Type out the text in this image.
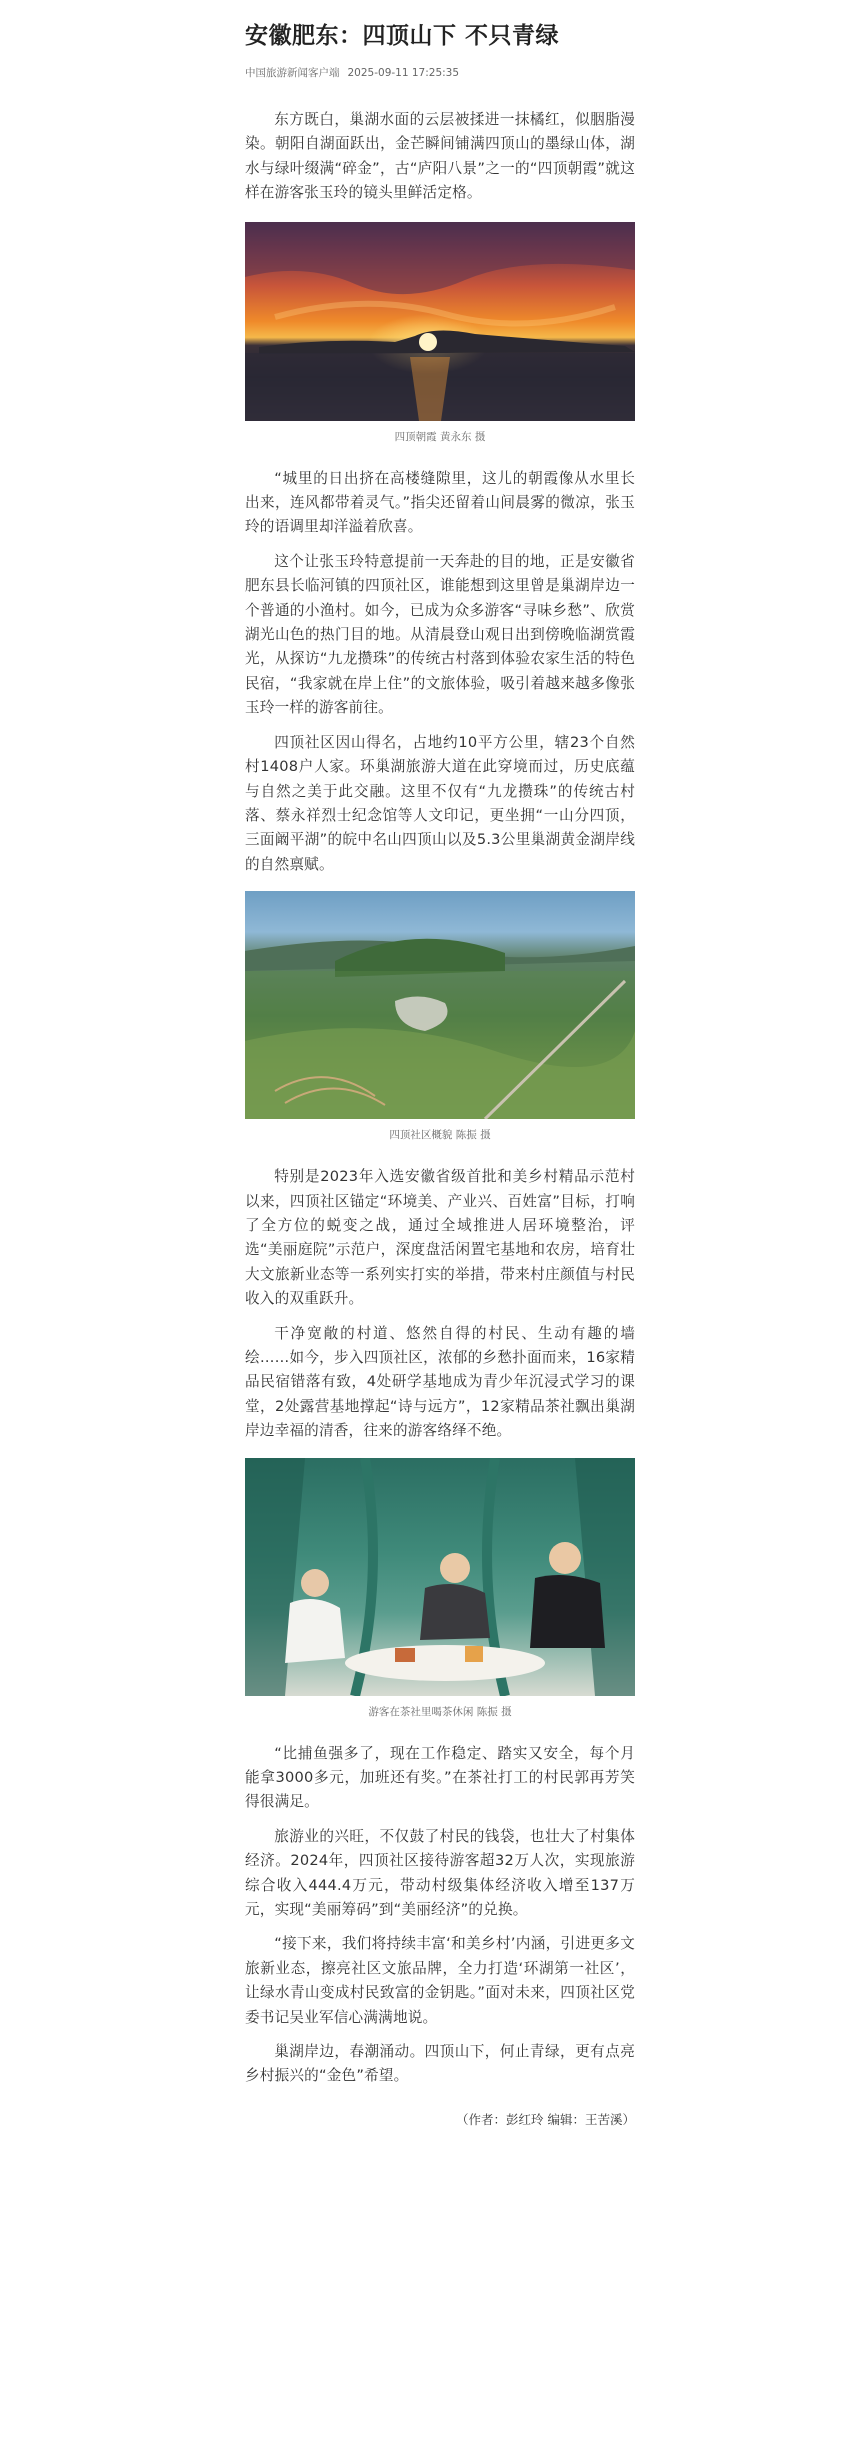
安徽肥东：四顶山下 不只青绿
中国旅游新闻客户端 2025-09-11 17:25:35

东方既白，巢湖水面的云层被揉进一抹橘红，似胭脂漫染。朝阳自湖面跃出，金芒瞬间铺满四顶山的墨绿山体，湖水与绿叶缀满“碎金”，古“庐阳八景”之一的“四顶朝霞”就这样在游客张玉玲的镜头里鲜活定格。

四顶朝霞 黄永东 摄

“城里的日出挤在高楼缝隙里，这儿的朝霞像从水里长出来，连风都带着灵气。”指尖还留着山间晨雾的微凉，张玉玲的语调里却洋溢着欣喜。

这个让张玉玲特意提前一天奔赴的目的地，正是安徽省肥东县长临河镇的四顶社区，谁能想到这里曾是巢湖岸边一个普通的小渔村。如今，已成为众多游客“寻味乡愁”、欣赏湖光山色的热门目的地。从清晨登山观日出到傍晚临湖赏霞光，从探访“九龙攒珠”的传统古村落到体验农家生活的特色民宿，“我家就在岸上住”的文旅体验，吸引着越来越多像张玉玲一样的游客前往。

四顶社区因山得名，占地约10平方公里，辖23个自然村1408户人家。环巢湖旅游大道在此穿境而过，历史底蕴与自然之美于此交融。这里不仅有“九龙攒珠”的传统古村落、蔡永祥烈士纪念馆等人文印记，更坐拥“一山分四顶，三面阚平湖”的皖中名山四顶山以及5.3公里巢湖黄金湖岸线的自然禀赋。

四顶社区概貌 陈振 摄

特别是2023年入选安徽省级首批和美乡村精品示范村以来，四顶社区锚定“环境美、产业兴、百姓富”目标，打响了全方位的蜕变之战，通过全域推进人居环境整治，评选“美丽庭院”示范户，深度盘活闲置宅基地和农房，培育壮大文旅新业态等一系列实打实的举措，带来村庄颜值与村民收入的双重跃升。

干净宽敞的村道、悠然自得的村民、生动有趣的墙绘……如今，步入四顶社区，浓郁的乡愁扑面而来，16家精品民宿错落有致，4处研学基地成为青少年沉浸式学习的课堂，2处露营基地撑起“诗与远方”，12家精品茶社飘出巢湖岸边幸福的清香，往来的游客络绎不绝。

游客在茶社里喝茶休闲 陈振 摄

“比捕鱼强多了，现在工作稳定、踏实又安全，每个月能拿3000多元，加班还有奖。”在茶社打工的村民郭再芳笑得很满足。

旅游业的兴旺，不仅鼓了村民的钱袋，也壮大了村集体经济。2024年，四顶社区接待游客超32万人次，实现旅游综合收入444.4万元，带动村级集体经济收入增至137万元，实现“美丽筹码”到“美丽经济”的兑换。

“接下来，我们将持续丰富‘和美乡村’内涵，引进更多文旅新业态，擦亮社区文旅品牌，全力打造‘环湖第一社区’，让绿水青山变成村民致富的金钥匙。”面对未来，四顶社区党委书记吴业军信心满满地说。

巢湖岸边，春潮涌动。四顶山下，何止青绿，更有点亮乡村振兴的“金色”希望。

（作者：彭红玲 编辑：王苦溪）
